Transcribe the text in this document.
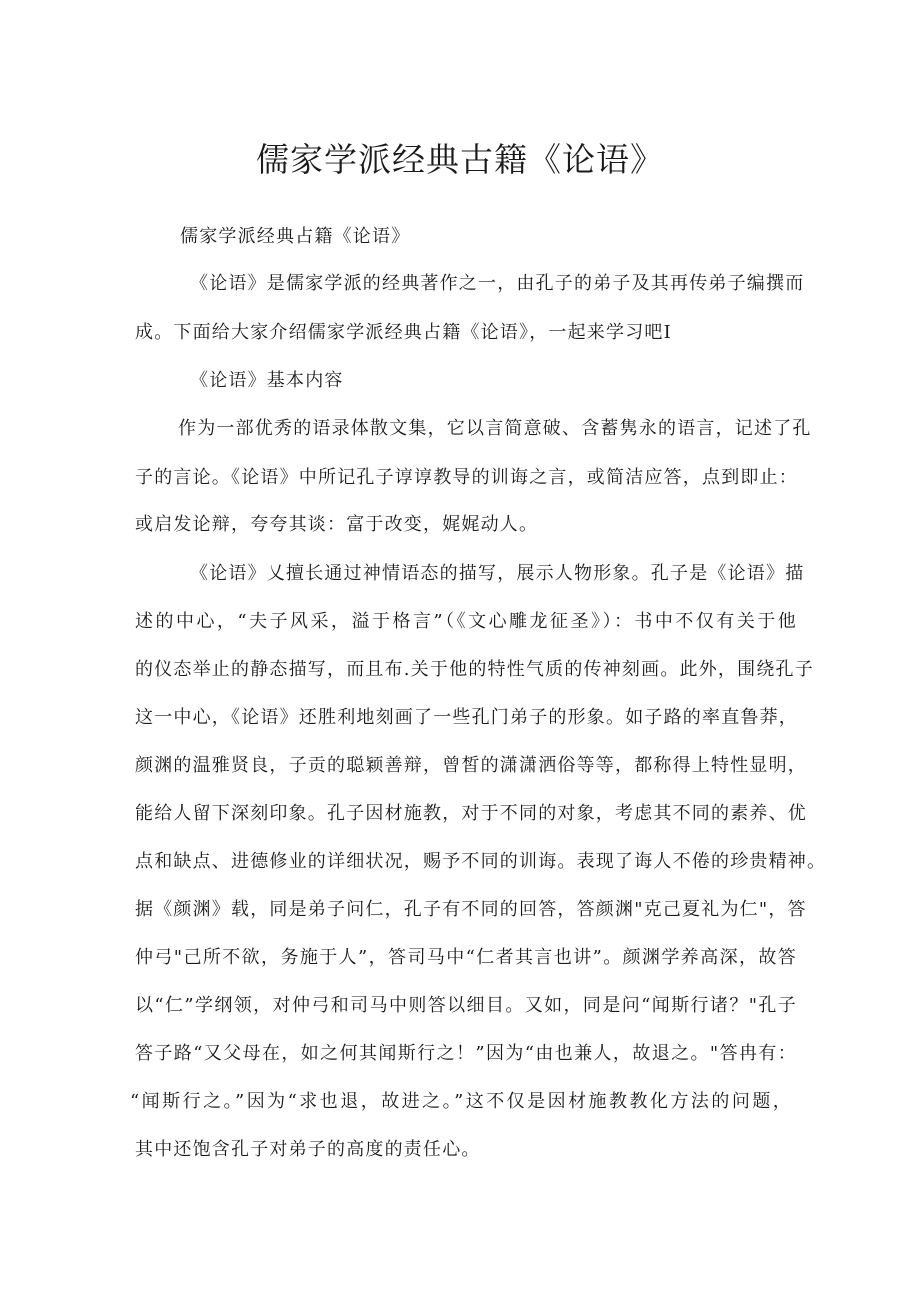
儒家学派经典古籍《论语》

儒家学派经典占籍《论语》

《论语》是儒家学派的经典著作之一，由孔子的弟子及其再传弟子编撰而

成。下面给大家介绍儒家学派经典占籍《论语》，一起来学习吧I

《论语》基本内容

作为一部优秀的语录体散文集，它以言简意破、含蓄隽永的语言，记述了孔

子的言论。《论语》中所记孔子谆谆教导的训诲之言，或简洁应答，点到即止：

或启发论辩，夸夸其谈：富于改变，娓娓动人。

《论语》乂擅长通过神情语态的描写，展示人物形象。孔子是《论语》描

述的中心，“夫子风采，溢于格言”（《文心雕龙征圣》）：书中不仅有关于他

的仪态举止的静态描写，而且布.关于他的特性气质的传神刻画。此外，围绕孔子

这一中心，《论语》还胜利地刻画了一些孔门弟子的形象。如子路的率直鲁莽，

颜渊的温雅贤良，子贡的聪颖善辩，曾皙的潇潇洒俗等等，都称得上特性显明，

能给人留下深刻印象。孔子因材施教，对于不同的对象，考虑其不同的素养、优

点和缺点、进德修业的详细状况，赐予不同的训诲。表现了诲人不倦的珍贵精神。

据《颜渊》载，同是弟子问仁，孔子有不同的回答，答颜渊"克己夏礼为仁"，答

仲弓"己所不欲，务施于人”，答司马中“仁者其言也讲”。颜渊学养高深，故答

以“仁”学纲领，对仲弓和司马中则答以细目。又如，同是问“闻斯行诸？"孔子

答子路“又父母在，如之何其闻斯行之！”因为“由也兼人，故退之。"答冉有：

“闻斯行之。”因为“求也退，故进之。”这不仅是因材施教教化方法的问题，

其中还饱含孔子对弟子的高度的责任心。
